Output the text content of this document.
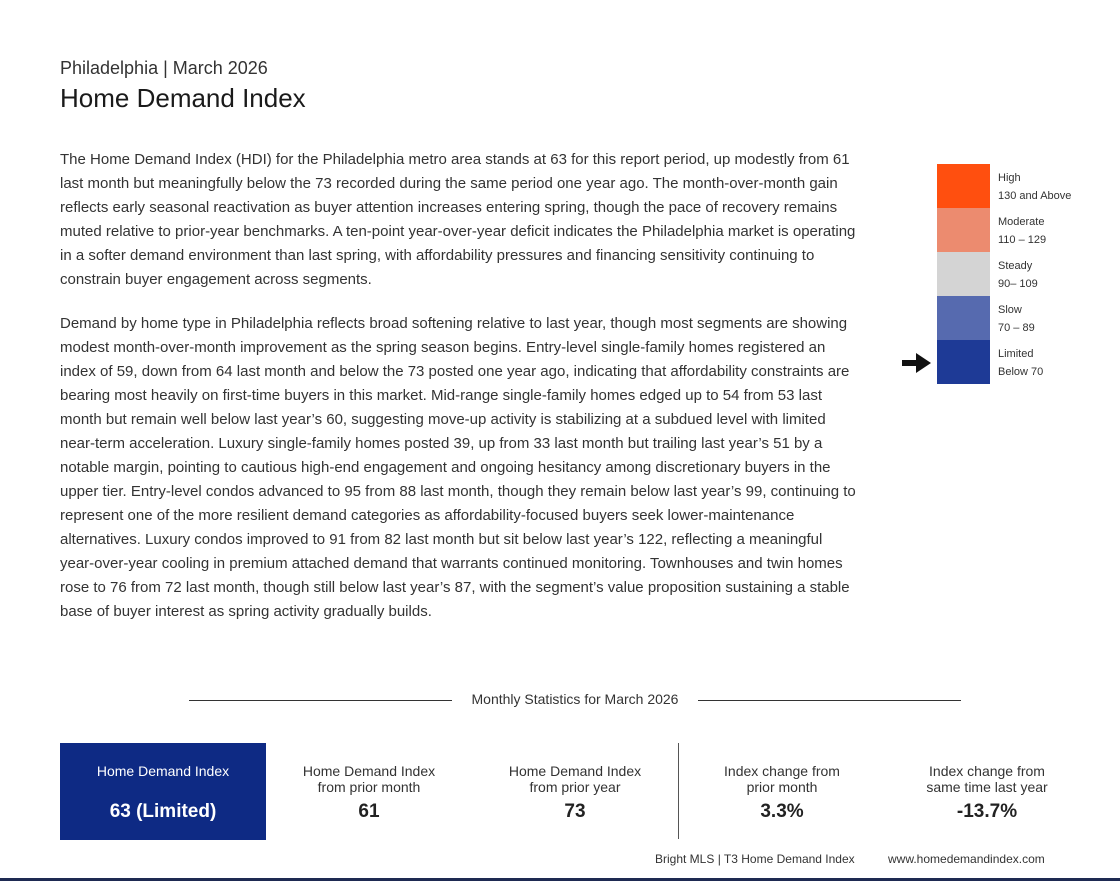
Philadelphia | March 2026
Home Demand Index

The Home Demand Index (HDI) for the Philadelphia metro area stands at 63 for this report period, up modestly from 61 last month but meaningfully below the 73 recorded during the same period one year ago. The month-over-month gain reflects early seasonal reactivation as buyer attention increases entering spring, though the pace of recovery remains muted relative to prior-year benchmarks. A ten-point year-over-year deficit indicates the Philadelphia market is operating in a softer demand environment than last spring, with affordability pressures and financing sensitivity continuing to constrain buyer engagement across segments.

Demand by home type in Philadelphia reflects broad softening relative to last year, though most segments are showing modest month-over-month improvement as the spring season begins. Entry-level single-family homes registered an index of 59, down from 64 last month and below the 73 posted one year ago, indicating that affordability constraints are bearing most heavily on first-time buyers in this market. Mid-range single-family homes edged up to 54 from 53 last month but remain well below last year’s 60, suggesting move-up activity is stabilizing at a subdued level with limited near-term acceleration. Luxury single-family homes posted 39, up from 33 last month but trailing last year’s 51 by a notable margin, pointing to cautious high-end engagement and ongoing hesitancy among discretionary buyers in the upper tier. Entry-level condos advanced to 95 from 88 last month, though they remain below last year’s 99, continuing to represent one of the more resilient demand categories as affordability-focused buyers seek lower-maintenance alternatives. Luxury condos improved to 91 from 82 last month but sit below last year’s 122, reflecting a meaningful year-over-year cooling in premium attached demand that warrants continued monitoring. Townhouses and twin homes rose to 76 from 72 last month, though still below last year’s 87, with the segment’s value proposition sustaining a stable base of buyer interest as spring activity gradually builds.

High
130 and Above
Moderate
110 – 129
Steady
90– 109
Slow
70 – 89
Limited
Below 70
Monthly Statistics for March 2026
Home Demand Index
63 (Limited)
Home Demand Index from prior month
61
Home Demand Index from prior year
73
Index change from prior month
3.3%
Index change from same time last year
-13.7%
Bright MLS | T3 Home Demand Index	www.homedemandindex.com
